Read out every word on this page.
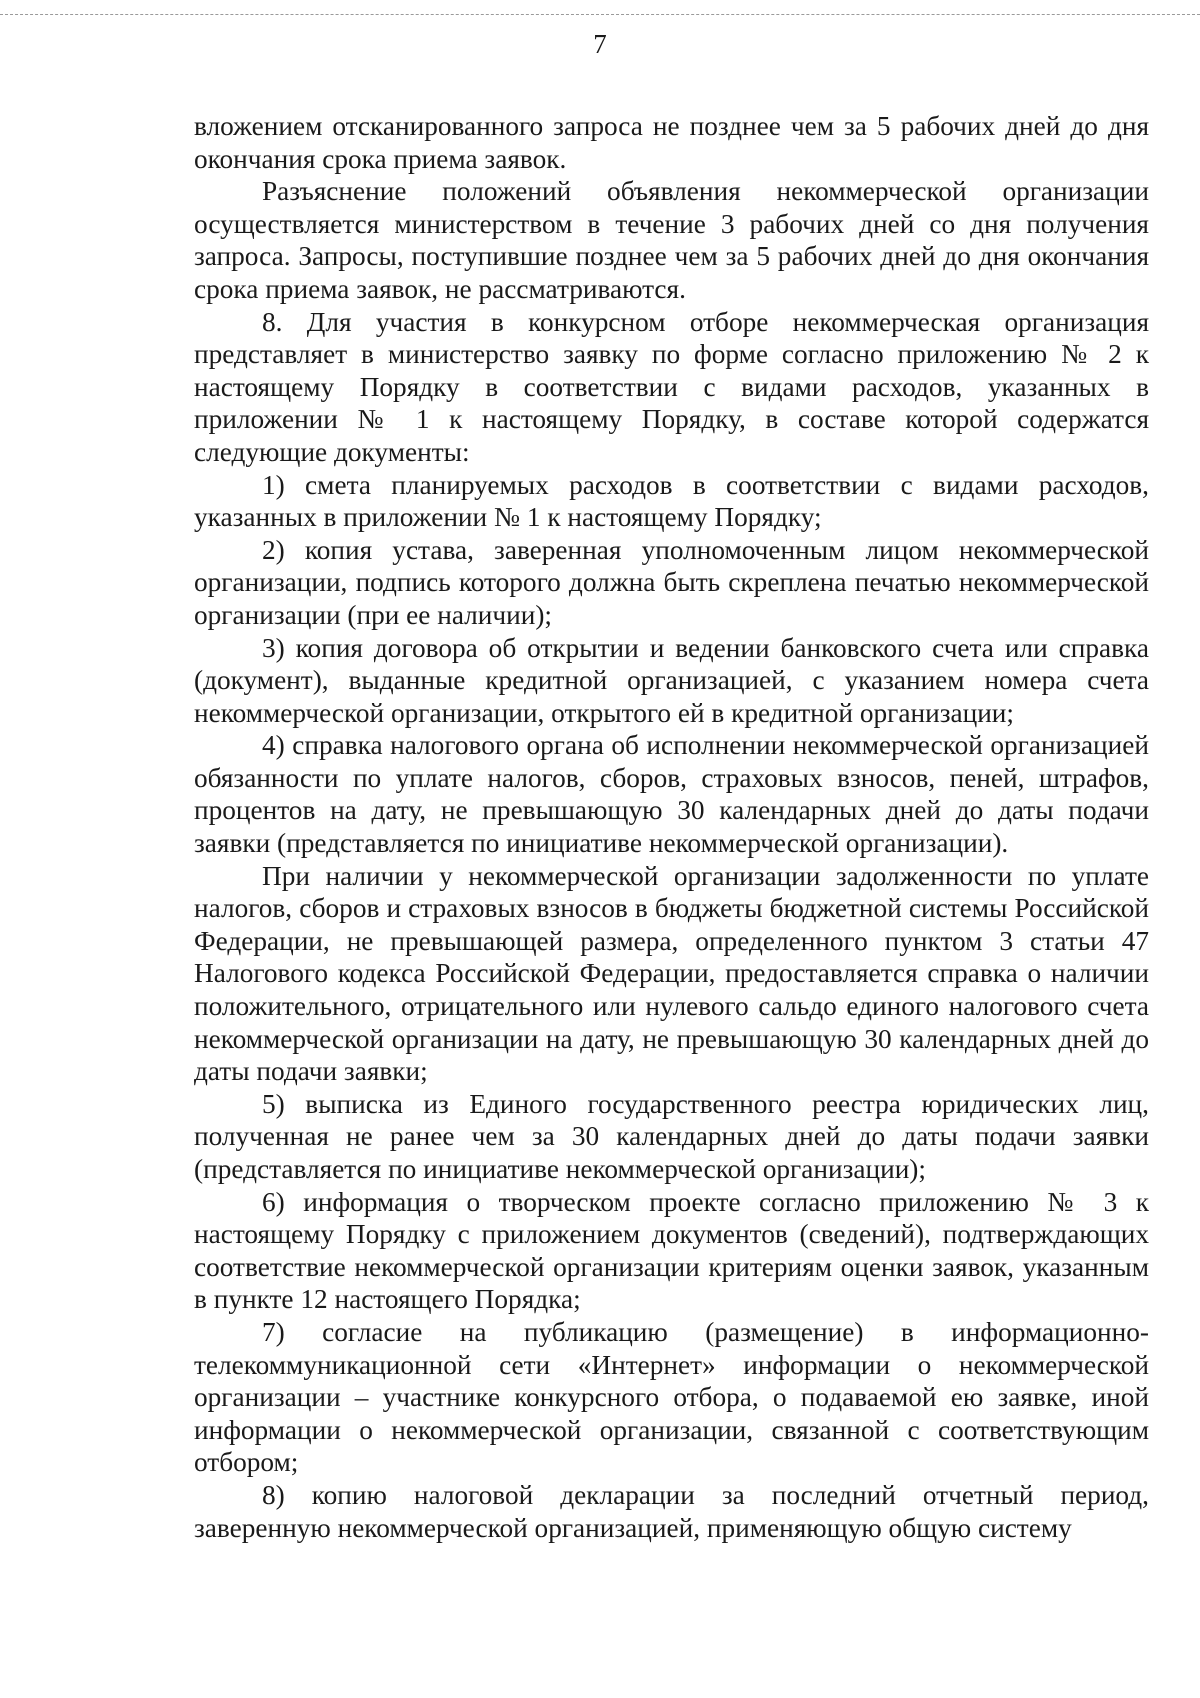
7

вложением отсканированного запроса не позднее чем за 5 рабочих дней до дня окончания срока приема заявок.

Разъяснение положений объявления некоммерческой организации осуществляется министерством в течение 3 рабочих дней со дня получения запроса. Запросы, поступившие позднее чем за 5 рабочих дней до дня окончания срока приема заявок, не рассматриваются.

8. Для участия в конкурсном отборе некоммерческая организация представляет в министерство заявку по форме согласно приложению № 2 к настоящему Порядку в соответствии с видами расходов, указанных в приложении № 1 к настоящему Порядку, в составе которой содержатся следующие документы:

1) смета планируемых расходов в соответствии с видами расходов, указанных в приложении № 1 к настоящему Порядку;

2) копия устава, заверенная уполномоченным лицом некоммерческой организации, подпись которого должна быть скреплена печатью некоммерческой организации (при ее наличии);

3) копия договора об открытии и ведении банковского счета или справка (документ), выданные кредитной организацией, с указанием номера счета некоммерческой организации, открытого ей в кредитной организации;

4) справка налогового органа об исполнении некоммерческой организацией обязанности по уплате налогов, сборов, страховых взносов, пеней, штрафов, процентов на дату, не превышающую 30 календарных дней до даты подачи заявки (представляется по инициативе некоммерческой организации).

При наличии у некоммерческой организации задолженности по уплате налогов, сборов и страховых взносов в бюджеты бюджетной системы Российской Федерации, не превышающей размера, определенного пунктом 3 статьи 47 Налогового кодекса Российской Федерации, предоставляется справка о наличии положительного, отрицательного или нулевого сальдо единого налогового счета некоммерческой организации на дату, не превышающую 30 календарных дней до даты подачи заявки;

5) выписка из Единого государственного реестра юридических лиц, полученная не ранее чем за 30 календарных дней до даты подачи заявки (представляется по инициативе некоммерческой организации);

6) информация о творческом проекте согласно приложению № 3 к настоящему Порядку с приложением документов (сведений), подтверждающих соответствие некоммерческой организации критериям оценки заявок, указанным в пункте 12 настоящего Порядка;

7) согласие на публикацию (размещение) в информационно-телекоммуникационной сети «Интернет» информации о некоммерческой организации – участнике конкурсного отбора, о подаваемой ею заявке, иной информации о некоммерческой организации, связанной с соответствующим отбором;

8) копию налоговой декларации за последний отчетный период, заверенную некоммерческой организацией, применяющую общую систему
